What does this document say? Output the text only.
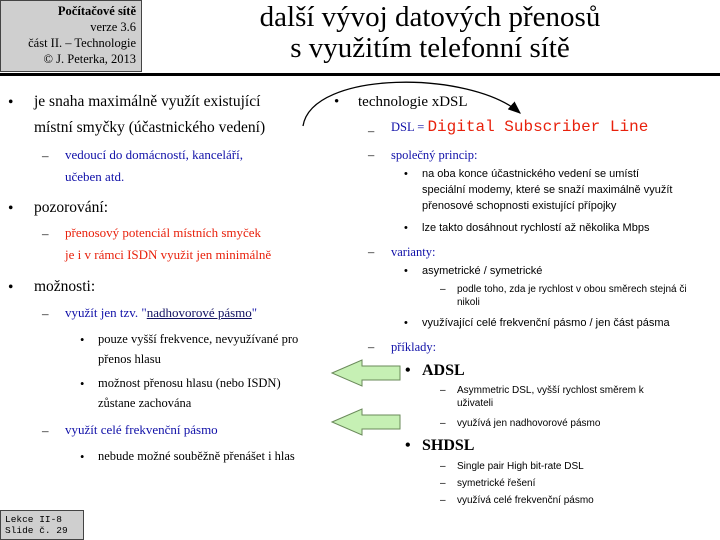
Počítačové sítě
verze 3.6
část II. – Technologie
© J. Peterka, 2013
další vývoj datových přenosů
s využitím telefonní sítě
• je snaha maximálně využít existující
místní smyčky (účastnického vedení)
– vedoucí do domácností, kanceláří,
učeben atd.
• pozorování:
– přenosový potenciál místních smyček
je i v rámci ISDN využit jen minimálně
• možnosti:
– využít jen tzv. "nadhovorové pásmo"
• pouze vyšší frekvence, nevyužívané pro
přenos hlasu
• možnost přenosu hlasu (nebo ISDN)
zůstane zachována
– využít celé frekvenční pásmo
• nebude možné souběžně přenášet i hlas
• technologie xDSL
– DSL = Digital Subscriber Line
– společný princip:
• na oba konce účastnického vedení se umístí
speciální modemy, které se snaží maximálně využít
přenosové schopnosti existující přípojky
• lze takto dosáhnout rychlostí až několika Mbps
– varianty:
• asymetrické / symetrické
– podle toho, zda je rychlost v obou směrech stejná či
nikoli
• využívající celé frekvenční pásmo / jen část pásma
– příklady:
• ADSL
– Asymmetric DSL, vyšší rychlost směrem k
uživateli
– využívá jen nadhovorové pásmo
• SHDSL
– Single pair High bit-rate DSL
– symetrické řešení
– využívá celé frekvenční pásmo
Lekce II-8
Slide č. 29
